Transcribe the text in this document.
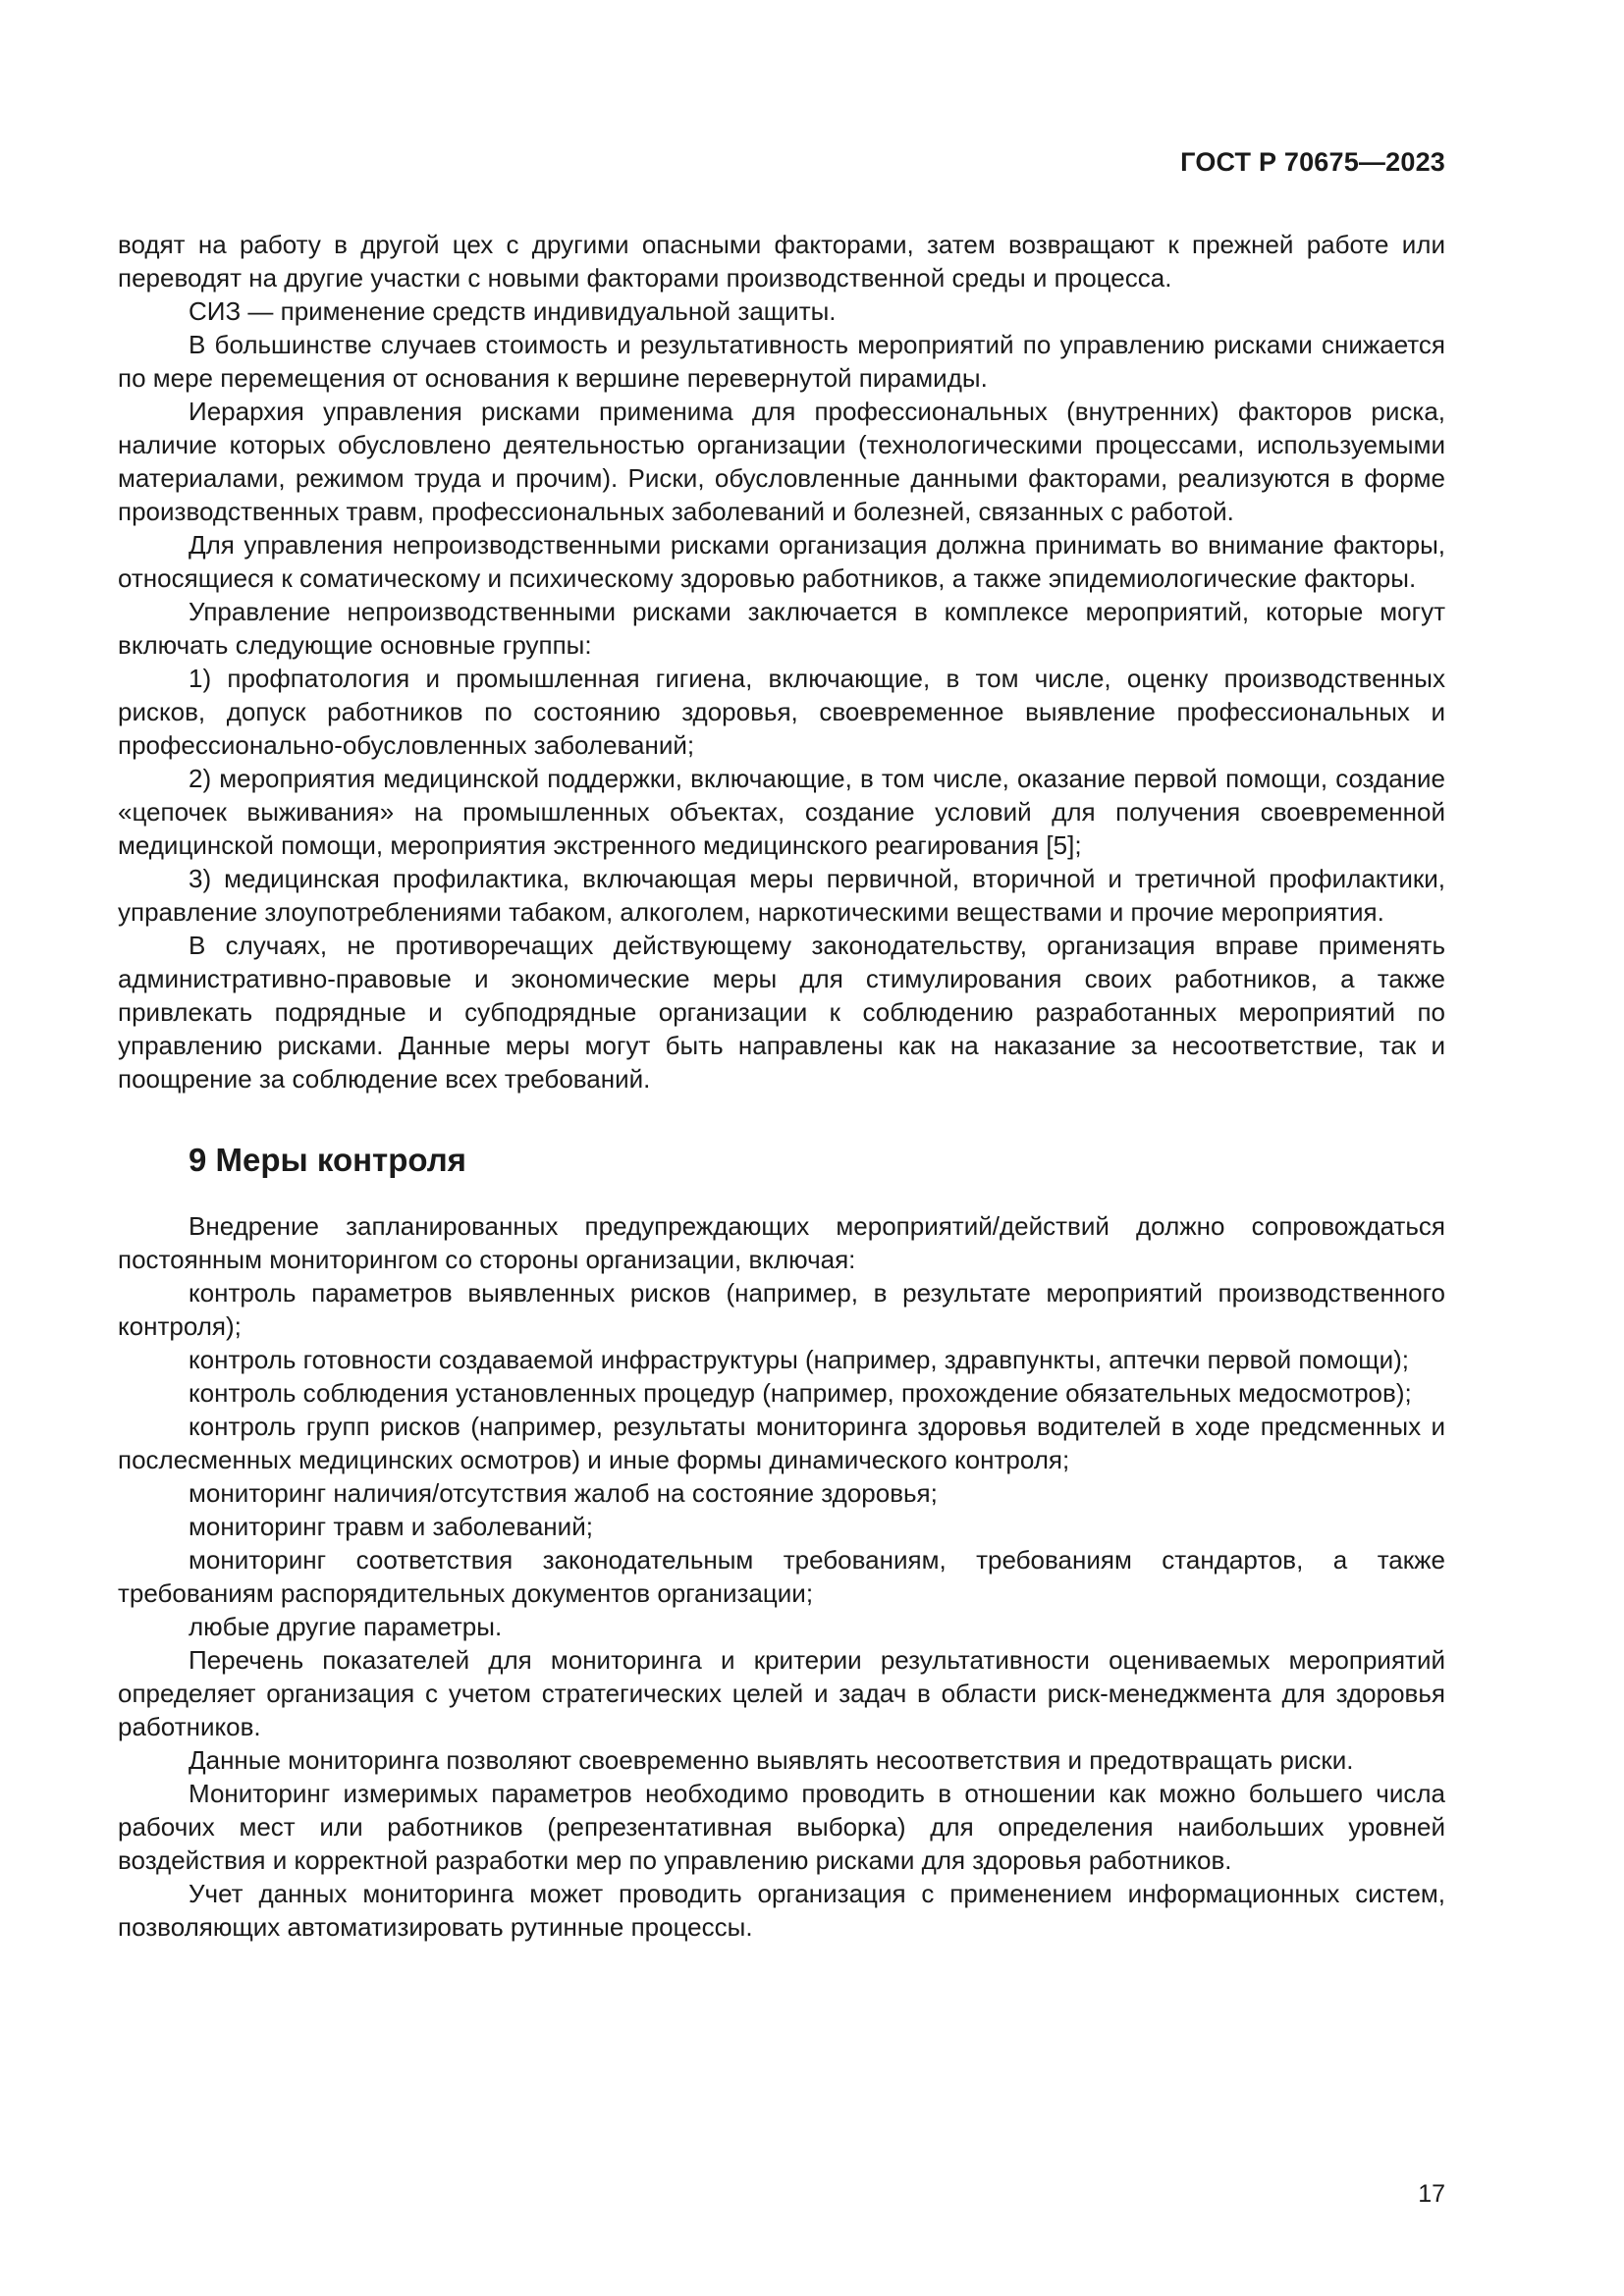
ГОСТ Р 70675—2023

водят на работу в другой цех с другими опасными факторами, затем возвращают к прежней работе или переводят на другие участки с новыми факторами производственной среды и процесса.

СИЗ — применение средств индивидуальной защиты.

В большинстве случаев стоимость и результативность мероприятий по управлению рисками снижается по мере перемещения от основания к вершине перевернутой пирамиды.

Иерархия управления рисками применима для профессиональных (внутренних) факторов риска, наличие которых обусловлено деятельностью организации (технологическими процессами, используемыми материалами, режимом труда и прочим). Риски, обусловленные данными факторами, реализуются в форме производственных травм, профессиональных заболеваний и болезней, связанных с работой.

Для управления непроизводственными рисками организация должна принимать во внимание факторы, относящиеся к соматическому и психическому здоровью работников, а также эпидемиологические факторы.

Управление непроизводственными рисками заключается в комплексе мероприятий, которые могут включать следующие основные группы:

1) профпатология и промышленная гигиена, включающие, в том числе, оценку производственных рисков, допуск работников по состоянию здоровья, своевременное выявление профессиональных и профессионально-обусловленных заболеваний;

2) мероприятия медицинской поддержки, включающие, в том числе, оказание первой помощи, создание «цепочек выживания» на промышленных объектах, создание условий для получения своевременной медицинской помощи, мероприятия экстренного медицинского реагирования [5];

3) медицинская профилактика, включающая меры первичной, вторичной и третичной профилактики, управление злоупотреблениями табаком, алкоголем, наркотическими веществами и прочие мероприятия.

В случаях, не противоречащих действующему законодательству, организация вправе применять административно-правовые и экономические меры для стимулирования своих работников, а также привлекать подрядные и субподрядные организации к соблюдению разработанных мероприятий по управлению рисками. Данные меры могут быть направлены как на наказание за несоответствие, так и поощрение за соблюдение всех требований.

9 Меры контроля

Внедрение запланированных предупреждающих мероприятий/действий должно сопровождаться постоянным мониторингом со стороны организации, включая:

контроль параметров выявленных рисков (например, в результате мероприятий производственного контроля);

контроль готовности создаваемой инфраструктуры (например, здравпункты, аптечки первой помощи);

контроль соблюдения установленных процедур (например, прохождение обязательных медосмотров);

контроль групп рисков (например, результаты мониторинга здоровья водителей в ходе предсменных и послесменных медицинских осмотров) и иные формы динамического контроля;

мониторинг наличия/отсутствия жалоб на состояние здоровья;

мониторинг травм и заболеваний;

мониторинг соответствия законодательным требованиям, требованиям стандартов, а также требованиям распорядительных документов организации;

любые другие параметры.

Перечень показателей для мониторинга и критерии результативности оцениваемых мероприятий определяет организация с учетом стратегических целей и задач в области риск-менеджмента для здоровья работников.

Данные мониторинга позволяют своевременно выявлять несоответствия и предотвращать риски.

Мониторинг измеримых параметров необходимо проводить в отношении как можно большего числа рабочих мест или работников (репрезентативная выборка) для определения наибольших уровней воздействия и корректной разработки мер по управлению рисками для здоровья работников.

Учет данных мониторинга может проводить организация с применением информационных систем, позволяющих автоматизировать рутинные процессы.

17
